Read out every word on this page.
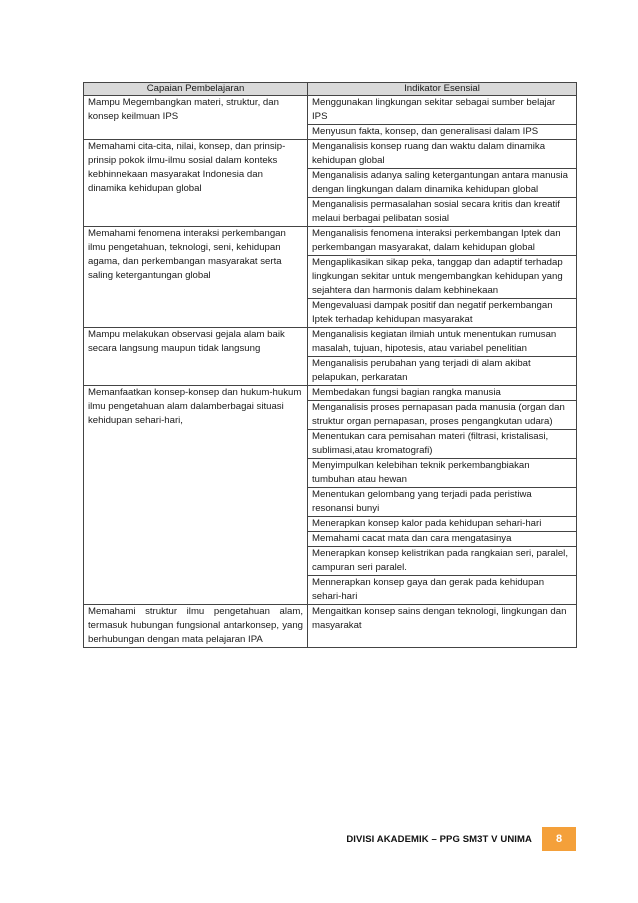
Capaian Pembelajaran	Indikator Esensial
Mampu Megembangkan materi, struktur, dan konsep keilmuan IPS	Menggunakan lingkungan sekitar sebagai sumber belajar IPS
	Menyusun fakta, konsep, dan generalisasi dalam IPS
Memahami cita-cita, nilai, konsep, dan prinsip-prinsip pokok ilmu-ilmu sosial dalam konteks kebhinnekaan masyarakat Indonesia dan dinamika kehidupan global	Menganalisis konsep ruang dan waktu dalam dinamika kehidupan global
	Menganalisis adanya saling ketergantungan antara manusia dengan lingkungan dalam dinamika kehidupan global
	Menganalisis permasalahan sosial secara kritis dan kreatif melaui berbagai pelibatan sosial
Memahami fenomena interaksi perkembangan ilmu pengetahuan, teknologi, seni, kehidupan agama, dan perkembangan masyarakat serta saling ketergantungan global	Menganalisis fenomena interaksi perkembangan Iptek dan perkembangan masyarakat, dalam kehidupan global
	Mengaplikasikan sikap peka, tanggap dan adaptif terhadap lingkungan sekitar untuk mengembangkan kehidupan yang sejahtera dan harmonis dalam kebhinekaan
	Mengevaluasi dampak positif dan negatif perkembangan Iptek terhadap kehidupan masyarakat
Mampu melakukan observasi gejala alam baik secara langsung maupun tidak langsung	Menganalisis kegiatan ilmiah untuk menentukan rumusan masalah, tujuan, hipotesis, atau variabel penelitian
	Menganalisis perubahan yang terjadi di alam akibat pelapukan, perkaratan
Memanfaatkan konsep-konsep dan hukum-hukum ilmu pengetahuan alam dalamberbagai situasi kehidupan sehari-hari,	Membedakan fungsi bagian rangka manusia
	Menganalisis proses pernapasan pada manusia (organ dan struktur organ pernapasan, proses pengangkutan udara)
	Menentukan cara pemisahan materi (filtrasi, kristalisasi, sublimasi,atau kromatografi)
	Menyimpulkan kelebihan teknik perkembangbiakan tumbuhan atau hewan
	Menentukan gelombang yang terjadi pada peristiwa resonansi bunyi
	Menerapkan konsep kalor pada kehidupan sehari-hari
	Memahami cacat mata dan cara mengatasinya
	Menerapkan konsep kelistrikan pada rangkaian seri, paralel, campuran seri paralel.
	Mennerapkan konsep gaya dan gerak pada kehidupan sehari-hari
Memahami struktur ilmu pengetahuan alam, termasuk hubungan fungsional antarkonsep, yang berhubungan dengan mata pelajaran IPA	Mengaitkan konsep sains dengan teknologi, lingkungan dan masyarakat
DIVISI AKADEMIK – PPG SM3T V UNIMA	8
